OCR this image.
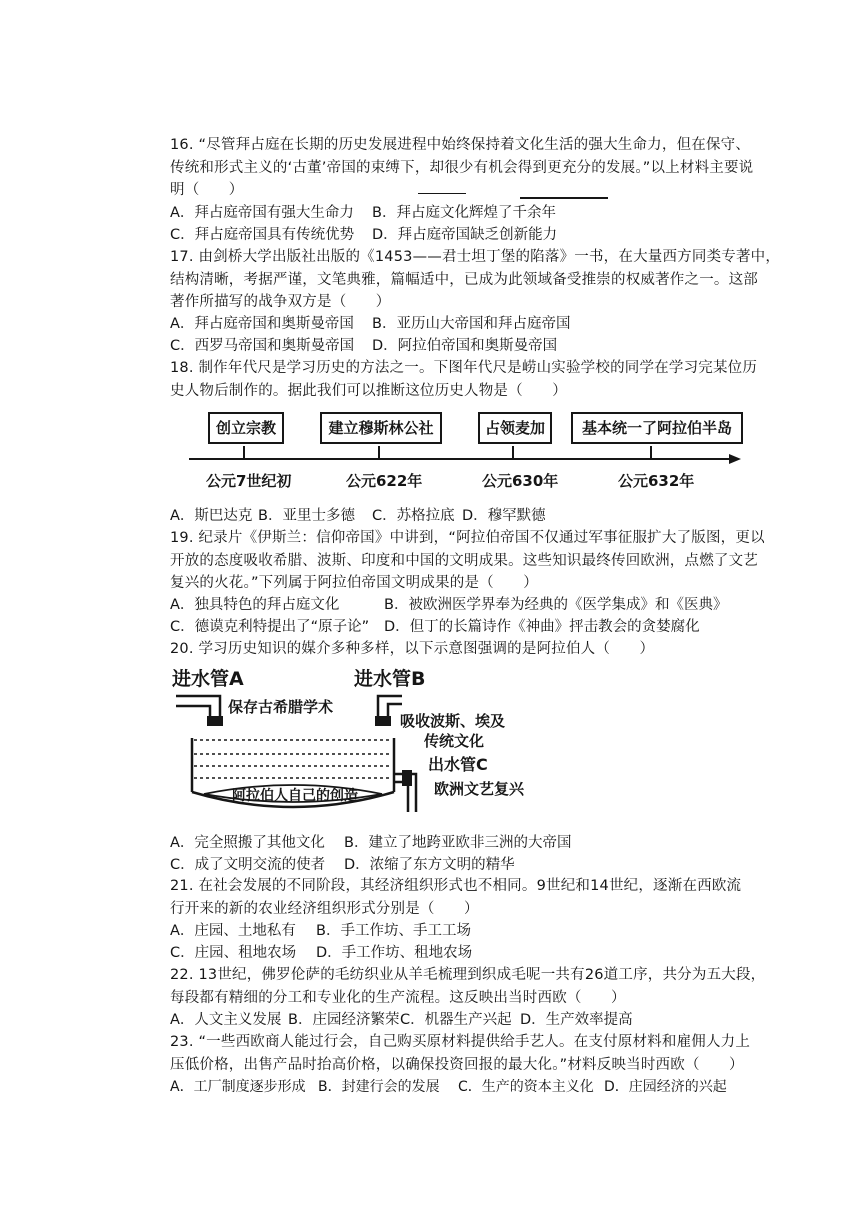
16. “尽管拜占庭在长期的历史发展进程中始终保持着文化生活的强大生命力，但在保守、
传统和形式主义的‘古董’帝国的束缚下，却很少有机会得到更充分的发展。”以上材料主要说
明（　　）
A．拜占庭帝国有强大生命力 B．拜占庭文化辉煌了千余年
C．拜占庭帝国具有传统优势 D．拜占庭帝国缺乏创新能力
17. 由剑桥大学出版社出版的《1453——君士坦丁堡的陷落》一书，在大量西方同类专著中，
结构清晰，考据严谨，文笔典雅，篇幅适中，已成为此领域备受推崇的权威著作之一。这部
著作所描写的战争双方是（　　）
A．拜占庭帝国和奥斯曼帝国 B．亚历山大帝国和拜占庭帝国
C．西罗马帝国和奥斯曼帝国 D．阿拉伯帝国和奥斯曼帝国
18. 制作年代尺是学习历史的方法之一。下图年代尺是崂山实验学校的同学在学习完某位历
史人物后制作的。据此我们可以推断这位历史人物是（　　）
创立宗教	建立穆斯林公社	占领麦加	基本统一了阿拉伯半岛
公元7世纪初	公元622年	公元630年	公元632年
A．斯巴达克 B．亚里士多德 C．苏格拉底 D．穆罕默德
19. 纪录片《伊斯兰：信仰帝国》中讲到，“阿拉伯帝国不仅通过军事征服扩大了版图，更以
开放的态度吸收希腊、波斯、印度和中国的文明成果。这些知识最终传回欧洲，点燃了文艺
复兴的火花。”下列属于阿拉伯帝国文明成果的是（　　）
A．独具特色的拜占庭文化	B．被欧洲医学界奉为经典的《医学集成》和《医典》
C．德谟克利特提出了“原子论” D．但丁的长篇诗作《神曲》抨击教会的贪婪腐化
20. 学习历史知识的媒介多种多样，以下示意图强调的是阿拉伯人（　　）
进水管A	进水管B
保存古希腊学术
吸收波斯、埃及
传统文化
出水管C
欧洲文艺复兴
阿拉伯人自己的创造
A．完全照搬了其他文化 B．建立了地跨亚欧非三洲的大帝国
C．成了文明交流的使者 D．浓缩了东方文明的精华
21. 在社会发展的不同阶段，其经济组织形式也不相同。9世纪和14世纪，逐渐在西欧流
行开来的新的农业经济组织形式分别是（　　）
A．庄园、土地私有 B．手工作坊、手工工场
C．庄园、租地农场 D．手工作坊、租地农场
22. 13世纪，佛罗伦萨的毛纺织业从羊毛梳理到织成毛呢一共有26道工序，共分为五大段，
每段都有精细的分工和专业化的生产流程。这反映出当时西欧（　　）
A．人文主义发展 B．庄园经济繁荣 C．机器生产兴起 D．生产效率提高
23. “一些西欧商人能过行会，自己购买原材料提供给手艺人。在支付原材料和雇佣人力上
压低价格，出售产品时抬高价格，以确保投资回报的最大化。”材料反映当时西欧（　　）
A．工厂制度逐步形成 B．封建行会的发展 C．生产的资本主义化 D．庄园经济的兴起
